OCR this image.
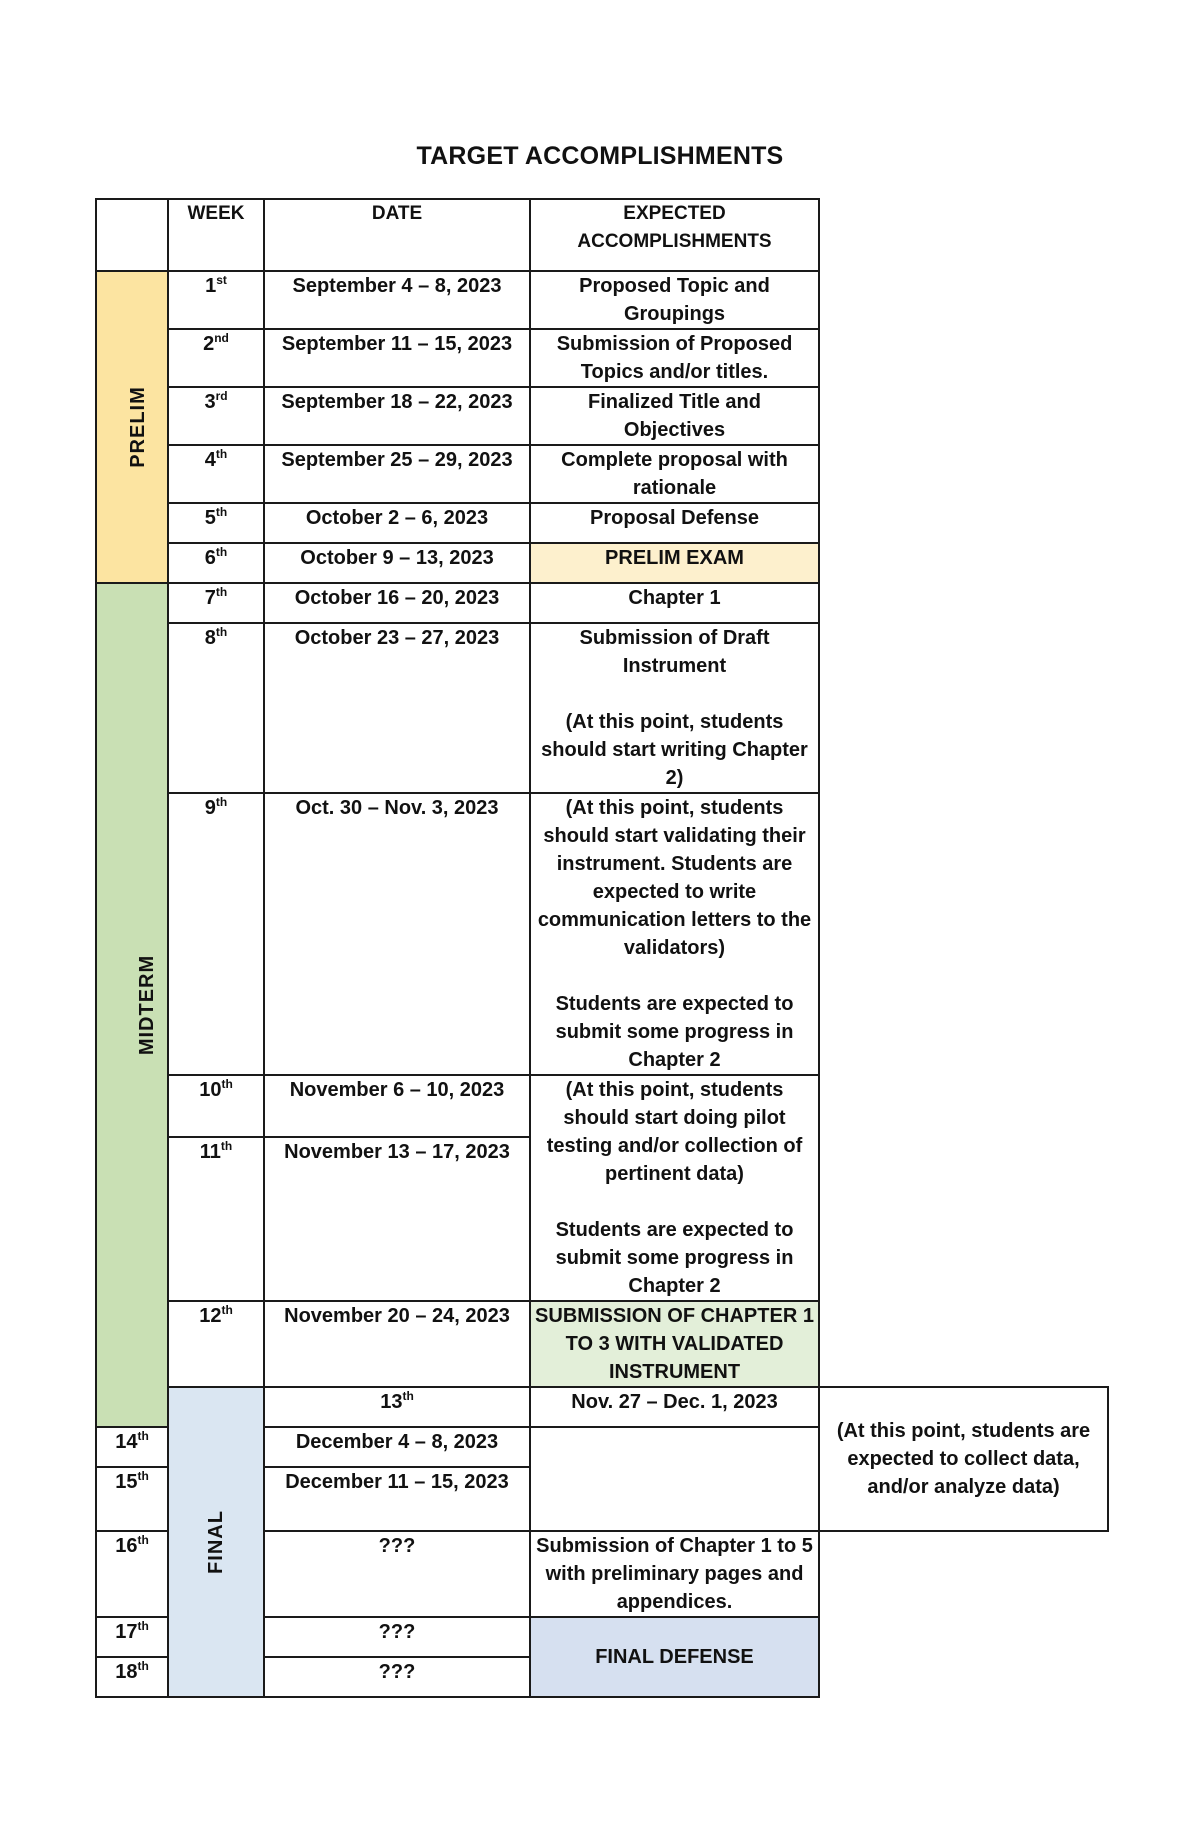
TARGET ACCOMPLISHMENTS
	WEEK	DATE	EXPECTED ACCOMPLISHMENTS	
PRELIM	1st	September 4 – 8, 2023	Proposed Topic and Groupings	
	2nd	September 11 – 15, 2023	Submission of Proposed Topics and/or titles.	
	3rd	September 18 – 22, 2023	Finalized Title and Objectives	
	4th	September 25 – 29, 2023	Complete proposal with rationale	
	5th	October 2 – 6, 2023	Proposal Defense	
	6th	October 9 – 13, 2023	PRELIM EXAM	
MIDTERM	7th	October 16 – 20, 2023	Chapter 1	
	8th	October 23 – 27, 2023	Submission of Draft Instrument

(At this point, students should start writing Chapter 2)	
	9th	Oct. 30 – Nov. 3, 2023	(At this point, students should start validating their instrument. Students are expected to write communication letters to the validators)

Students are expected to submit some progress in Chapter 2	
	10th	November 6 – 10, 2023	(At this point, students should start doing pilot testing and/or collection of pertinent data)

Students are expected to submit some progress in Chapter 2	
	11th	November 13 – 17, 2023		
	12th	November 20 – 24, 2023	SUBMISSION OF CHAPTER 1 TO 3 WITH VALIDATED INSTRUMENT	
	FINAL	13th	Nov. 27 – Dec. 1, 2023	(At this point, students are expected to collect data, and/or analyze data)
14th		December 4 – 8, 2023		
15th		December 11 – 15, 2023		
16th		???	Submission of Chapter 1 to 5 with preliminary pages and appendices.	
17th		???	FINAL DEFENSE	
18th		???		
